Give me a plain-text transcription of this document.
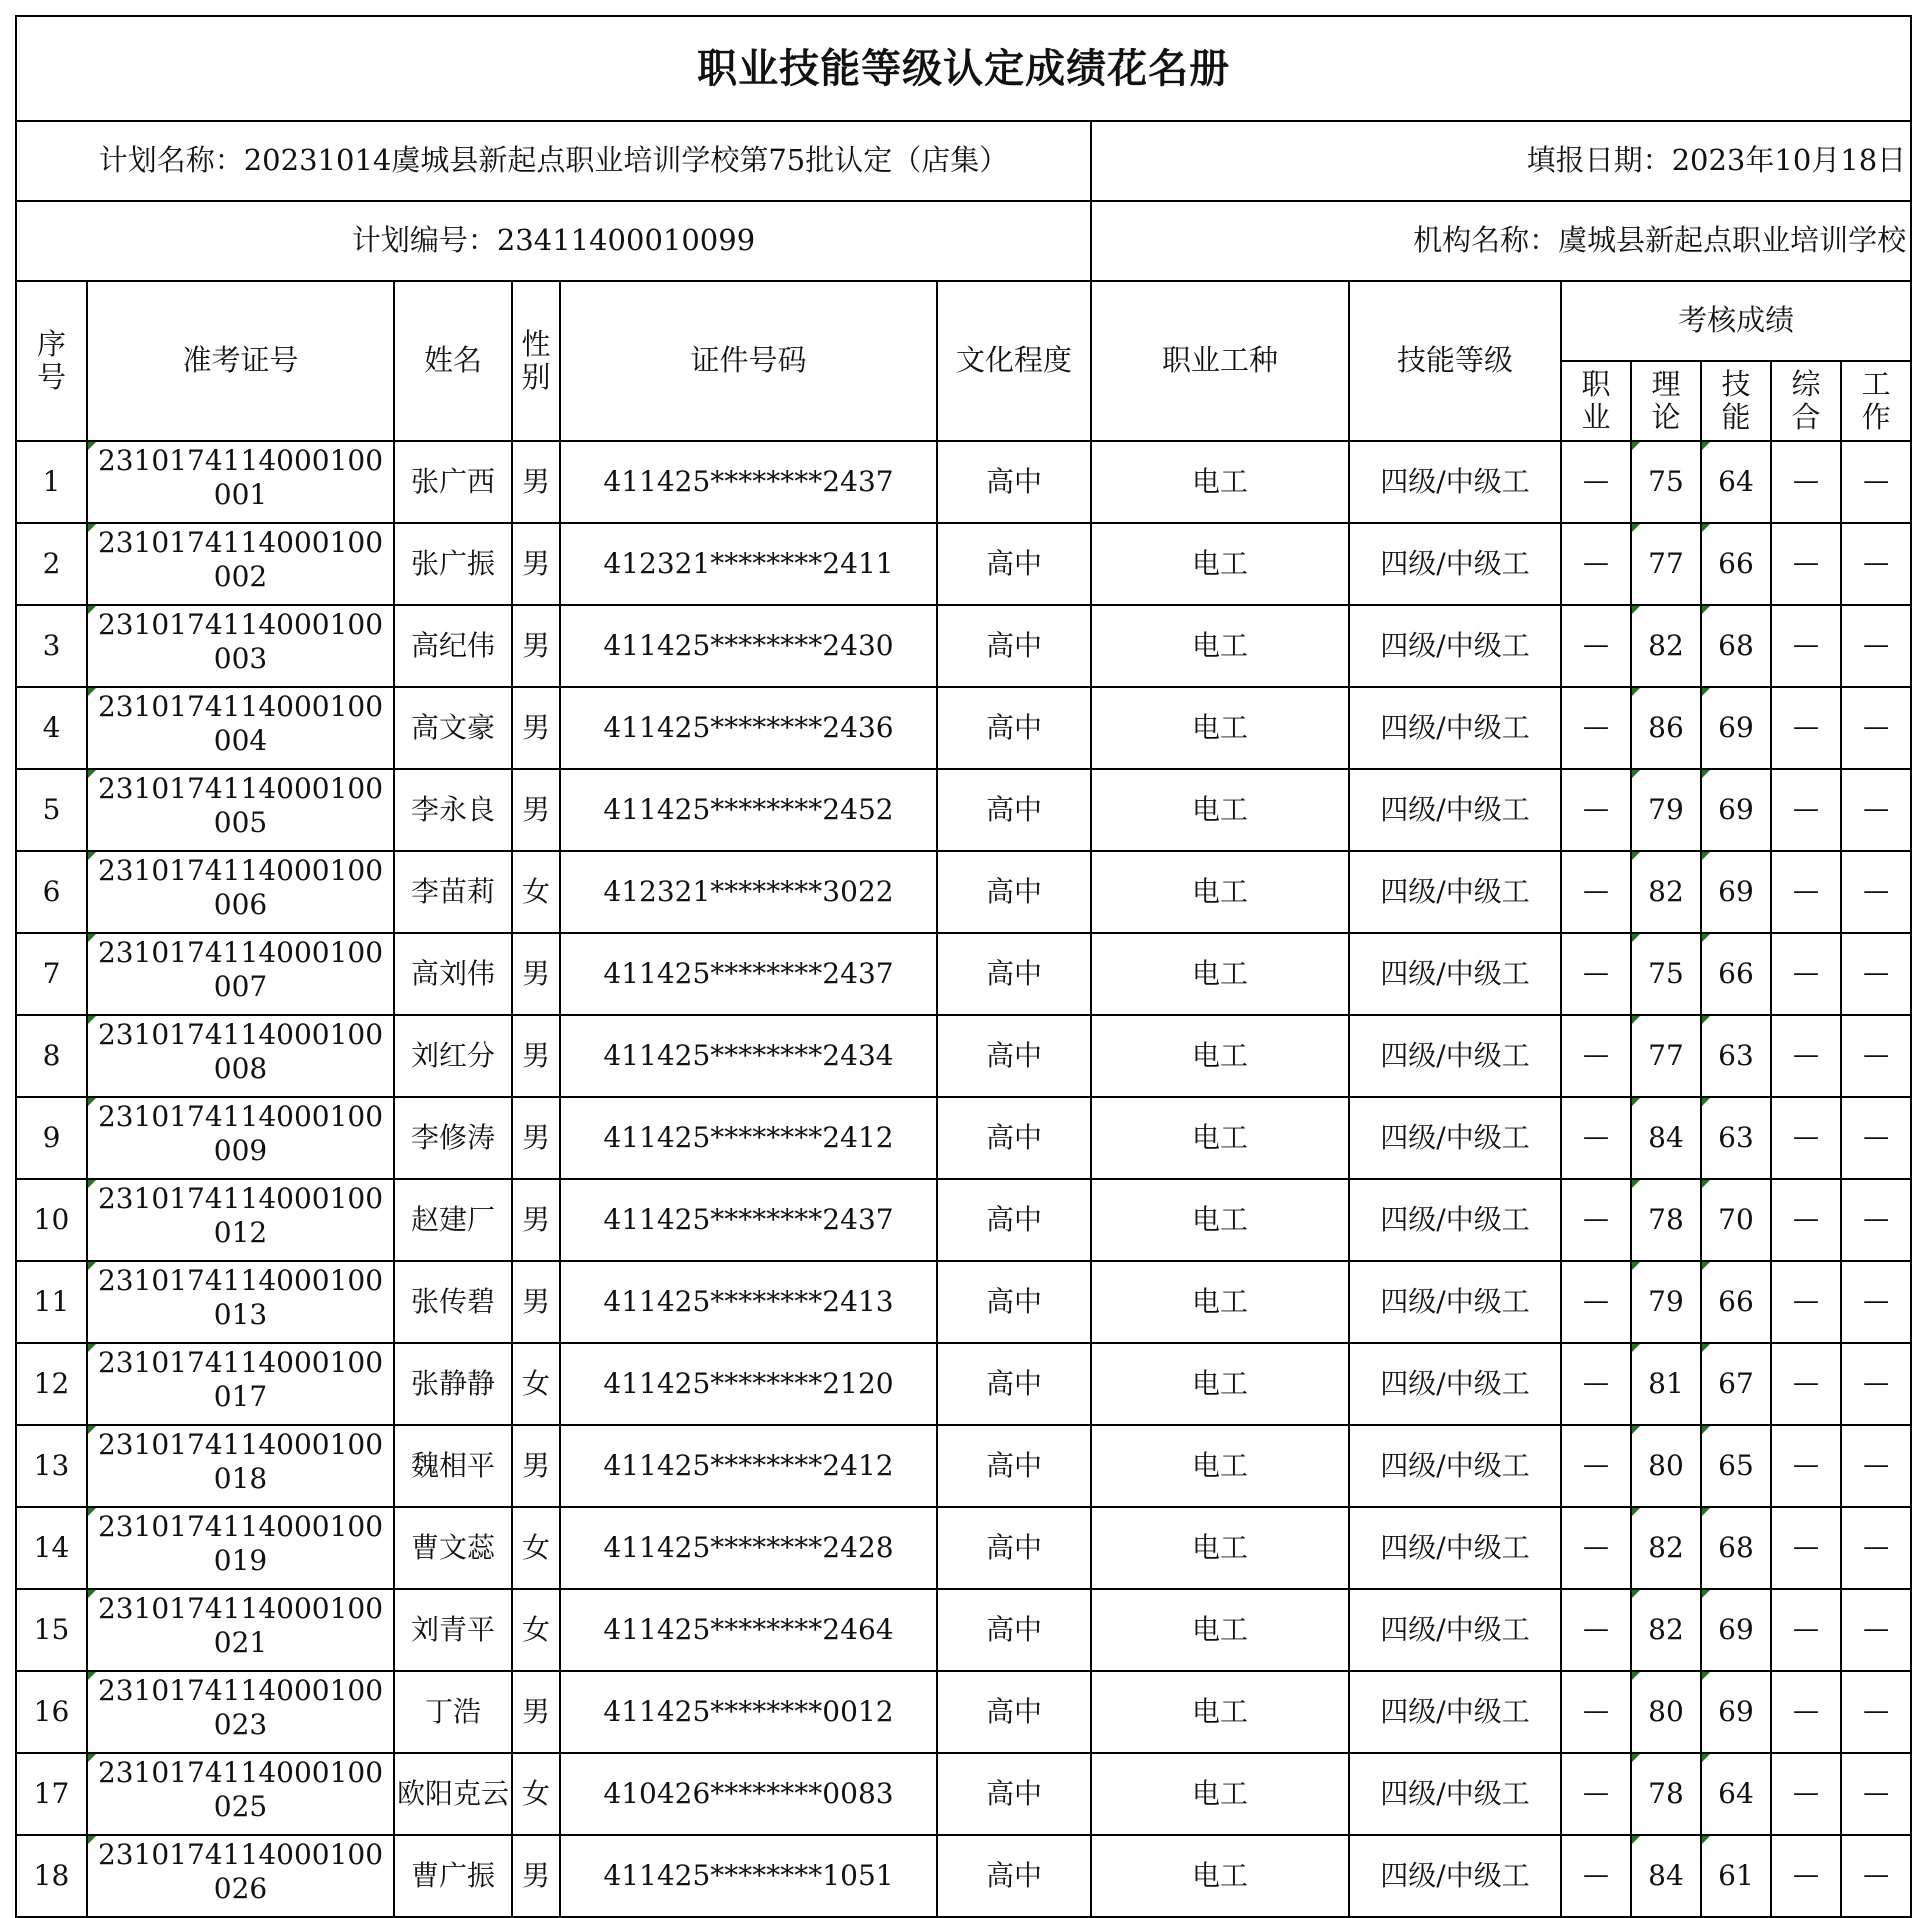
职业技能等级认定成绩花名册												
计划名称：20231014虞城县新起点职业培训学校第75批认定（店集）						填报日期：2023年10月18日						
计划编号：23411400010099						机构名称：虞城县新起点职业培训学校						
序号	准考证号	姓名	性别	证件号码	文化程度	职业工种	技能等级	考核成绩				
								职业	理论	技能	综合	工作
1	2310174114000100001	张广西	男	411425********2437	高中	电工	四级/中级工	—	75	64	—	—
2	2310174114000100002	张广振	男	412321********2411	高中	电工	四级/中级工	—	77	66	—	—
3	2310174114000100003	高纪伟	男	411425********2430	高中	电工	四级/中级工	—	82	68	—	—
4	2310174114000100004	高文豪	男	411425********2436	高中	电工	四级/中级工	—	86	69	—	—
5	2310174114000100005	李永良	男	411425********2452	高中	电工	四级/中级工	—	79	69	—	—
6	2310174114000100006	李苗莉	女	412321********3022	高中	电工	四级/中级工	—	82	69	—	—
7	2310174114000100007	高刘伟	男	411425********2437	高中	电工	四级/中级工	—	75	66	—	—
8	2310174114000100008	刘红分	男	411425********2434	高中	电工	四级/中级工	—	77	63	—	—
9	2310174114000100009	李修涛	男	411425********2412	高中	电工	四级/中级工	—	84	63	—	—
10	2310174114000100012	赵建厂	男	411425********2437	高中	电工	四级/中级工	—	78	70	—	—
11	2310174114000100013	张传碧	男	411425********2413	高中	电工	四级/中级工	—	79	66	—	—
12	2310174114000100017	张静静	女	411425********2120	高中	电工	四级/中级工	—	81	67	—	—
13	2310174114000100018	魏相平	男	411425********2412	高中	电工	四级/中级工	—	80	65	—	—
14	2310174114000100019	曹文蕊	女	411425********2428	高中	电工	四级/中级工	—	82	68	—	—
15	2310174114000100021	刘青平	女	411425********2464	高中	电工	四级/中级工	—	82	69	—	—
16	2310174114000100023	丁浩	男	411425********0012	高中	电工	四级/中级工	—	80	69	—	—
17	2310174114000100025	欧阳克云	女	410426********0083	高中	电工	四级/中级工	—	78	64	—	—
18	2310174114000100026	曹广振	男	411425********1051	高中	电工	四级/中级工	—	84	61	—	—
